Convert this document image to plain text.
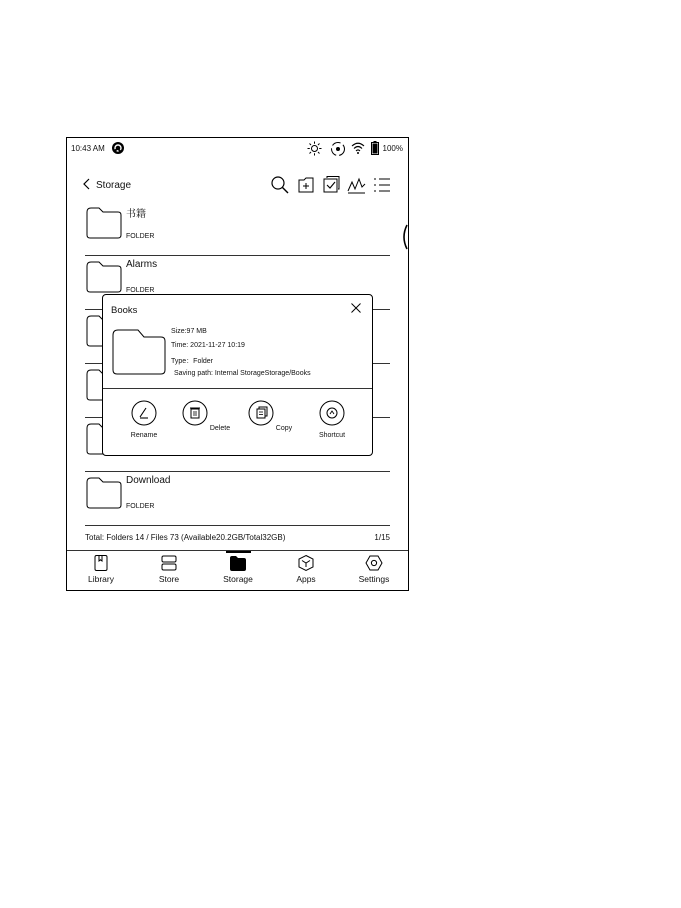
10:43 AM	100%
Storage
书籍
FOLDER
Alarms
FOLDER
Download
FOLDER
Total: Folders 14 / Files 73 (Available20.2GB/Total32GB)	1/15
Library	Store	Storage	Apps	Settings
Books
Size:97 MB
Time: 2021-11-27 10:19
Type：Folder
Saving path: Internal StorageStorage/Books
Rename
Delete	Copy
Shortcut
